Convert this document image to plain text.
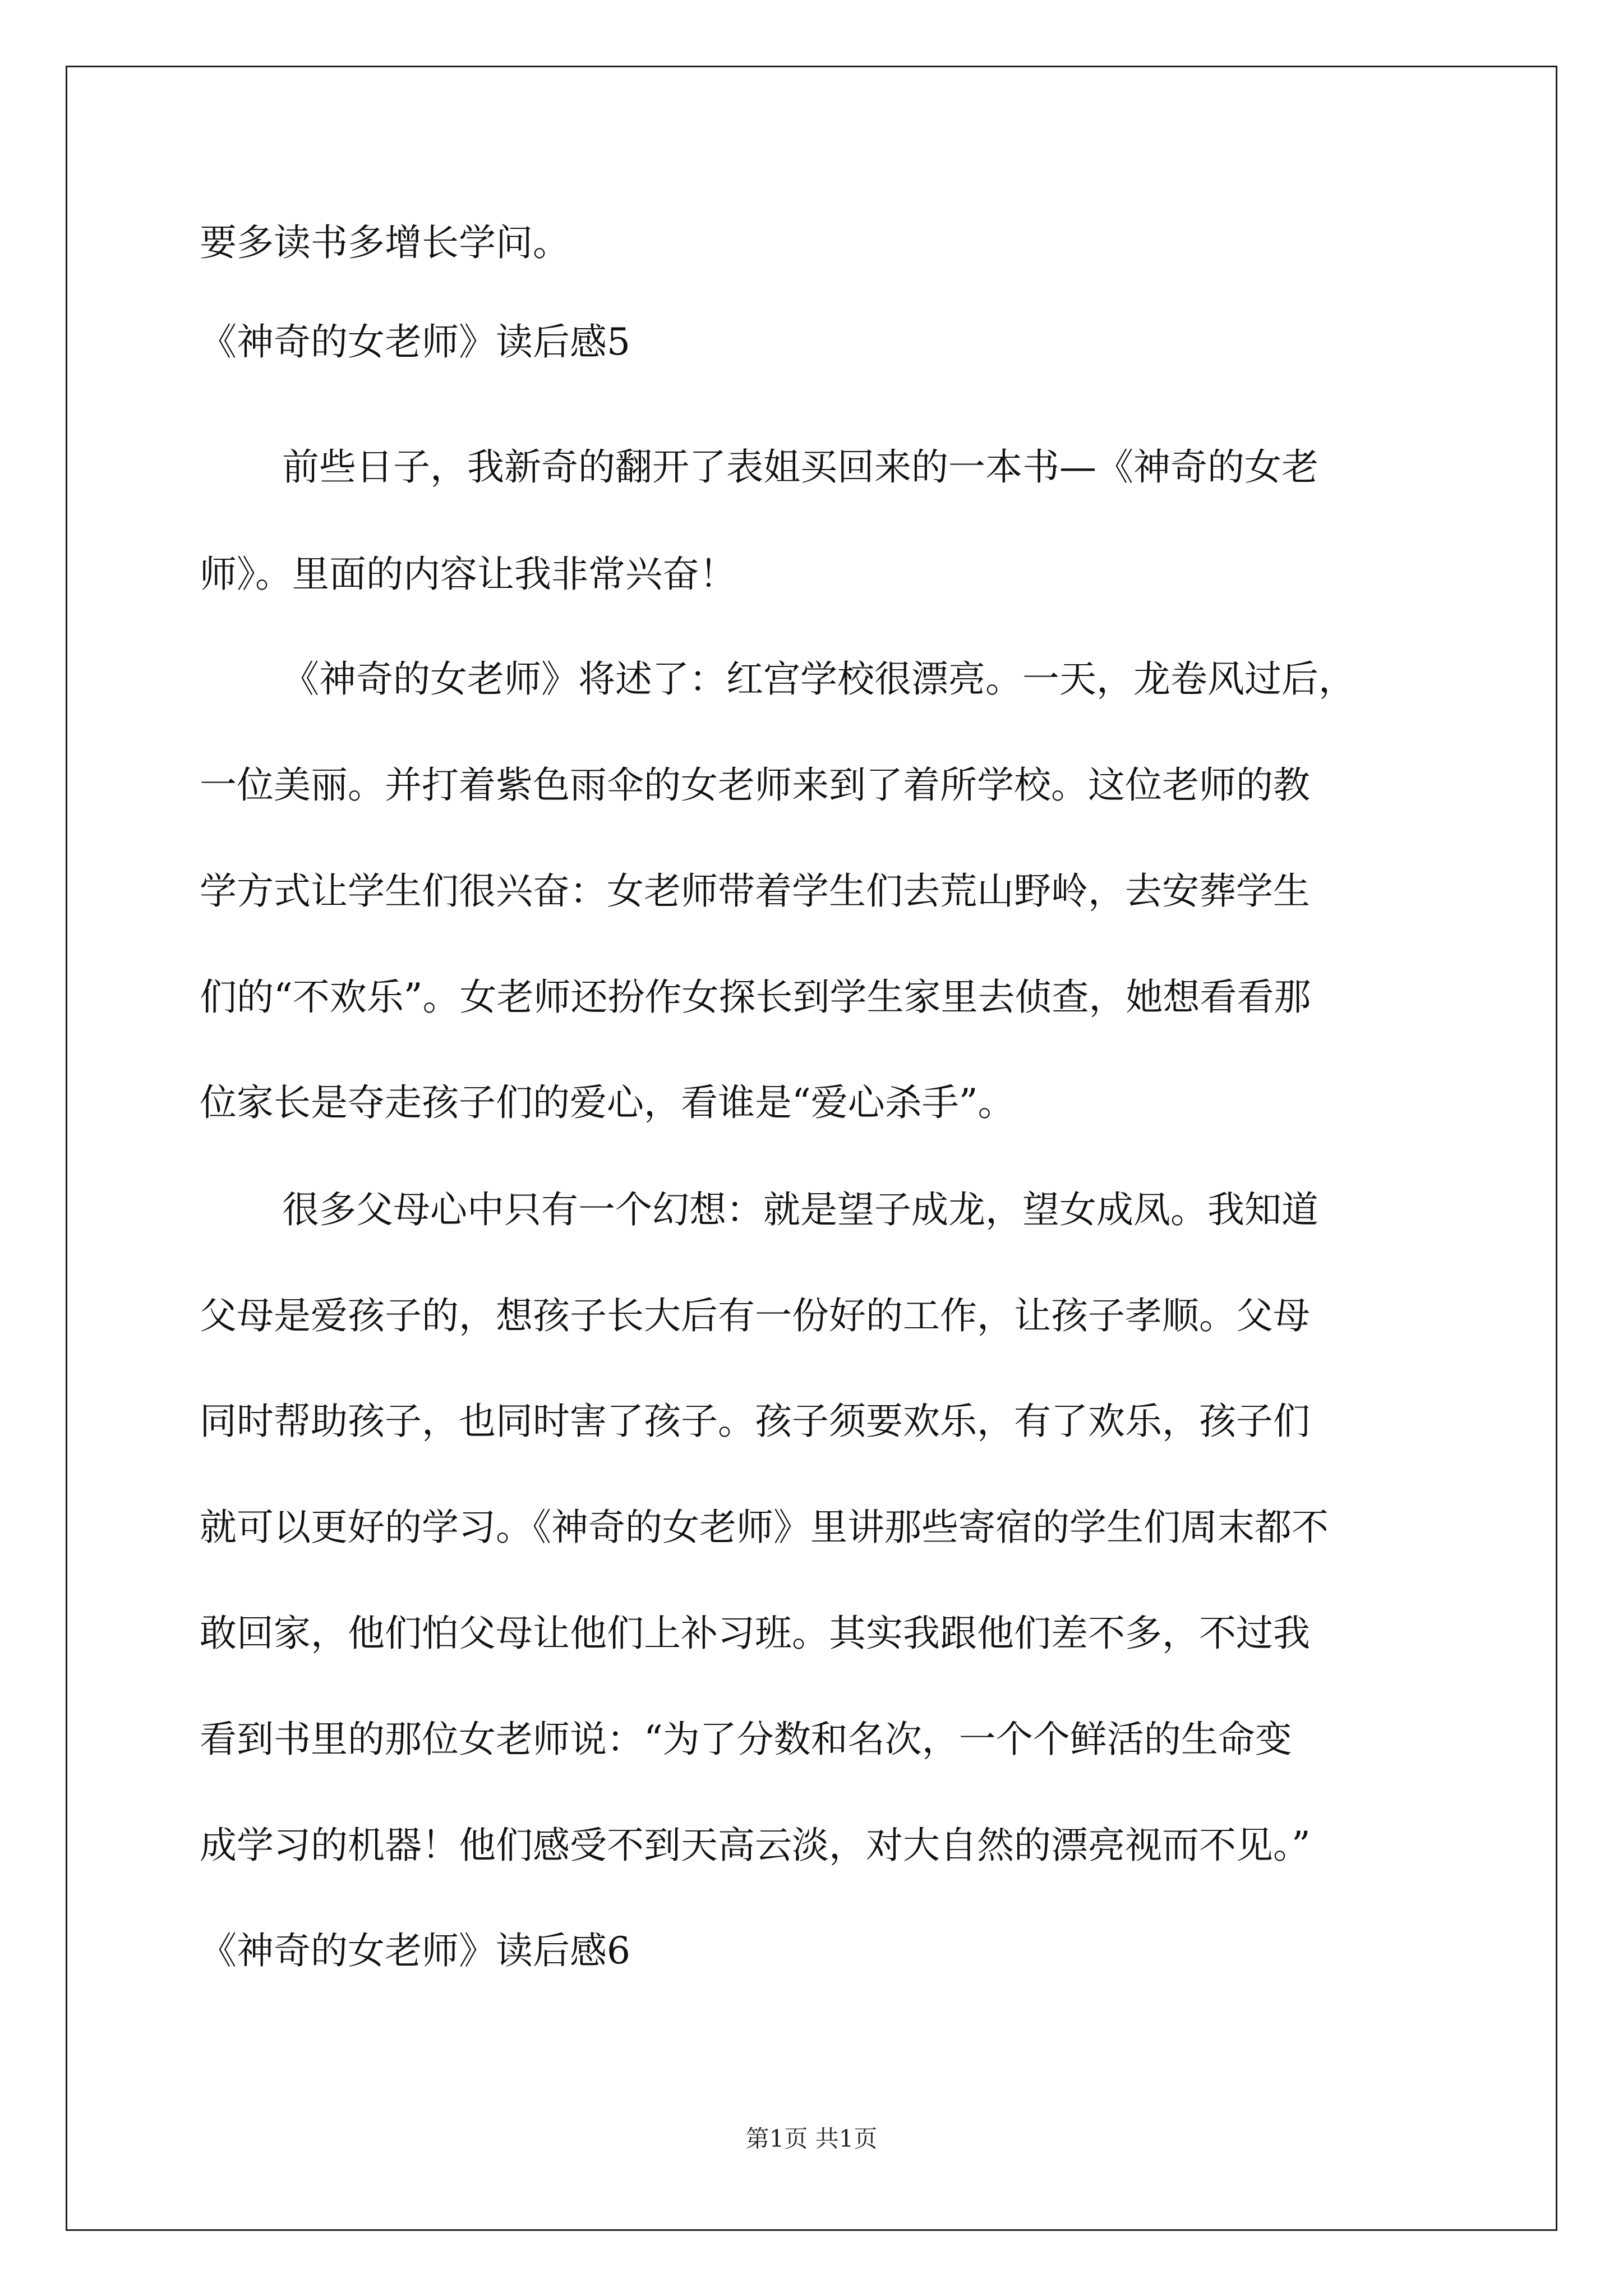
要多读书多增长学问。
《神奇的女老师》读后感5
前些日子，我新奇的翻开了表姐买回来的一本书—《神奇的女老
师》。里面的内容让我非常兴奋！
《神奇的女老师》将述了：红宫学校很漂亮。一天，龙卷风过后，
一位美丽。并打着紫色雨伞的女老师来到了着所学校。这位老师的教
学方式让学生们很兴奋：女老师带着学生们去荒山野岭，去安葬学生
们的“不欢乐”。女老师还扮作女探长到学生家里去侦查，她想看看那
位家长是夺走孩子们的爱心，看谁是“爱心杀手”。
很多父母心中只有一个幻想：就是望子成龙，望女成凤。我知道
父母是爱孩子的，想孩子长大后有一份好的工作，让孩子孝顺。父母
同时帮助孩子，也同时害了孩子。孩子须要欢乐，有了欢乐，孩子们
就可以更好的学习。《神奇的女老师》里讲那些寄宿的学生们周末都不
敢回家，他们怕父母让他们上补习班。其实我跟他们差不多，不过我
看到书里的那位女老师说：“为了分数和名次，一个个鲜活的生命变
成学习的机器！他们感受不到天高云淡，对大自然的漂亮视而不见。”
《神奇的女老师》读后感6
第1页 共1页
